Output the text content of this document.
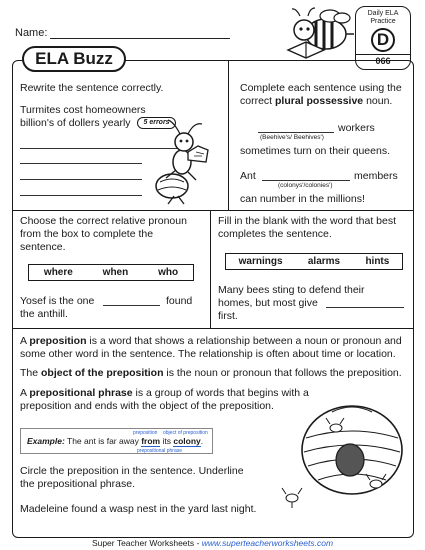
Name:
Daily ELA Practice
D
066
ELA Buzz
Rewrite the sentence correctly.
Turmites cost homeowners billion's of dollers yearly 5 errors
Complete each sentence using the correct plural possessive noun.
workers
(Beehive's/ Beehives')
sometimes turn on their queens.
Ant	members
(colonys'/colonies')
can number in the millions!
Choose the correct relative pronoun from the box to complete the sentence.
where	when	who
Yosef is the one	found
the anthill.
Fill in the blank with the word that best completes the sentence.
warnings	alarms	hints
Many bees sting to defend their
homes, but most give
first.
A preposition is a word that shows a relationship between a noun or pronoun and some other word in the sentence. The relationship is often about time or location.
The object of the preposition is the noun or pronoun that follows the preposition.
A prepositional phrase is a group of words that begins with a preposition and ends with the object of the preposition.
preposition object of preposition
Example: The ant is far away from its colony.
prepositional phrase
Circle the preposition in the sentence. Underline the prepositional phrase.
Madeleine found a wasp nest in the yard last night.
Super Teacher Worksheets - www.superteacherworksheets.com
